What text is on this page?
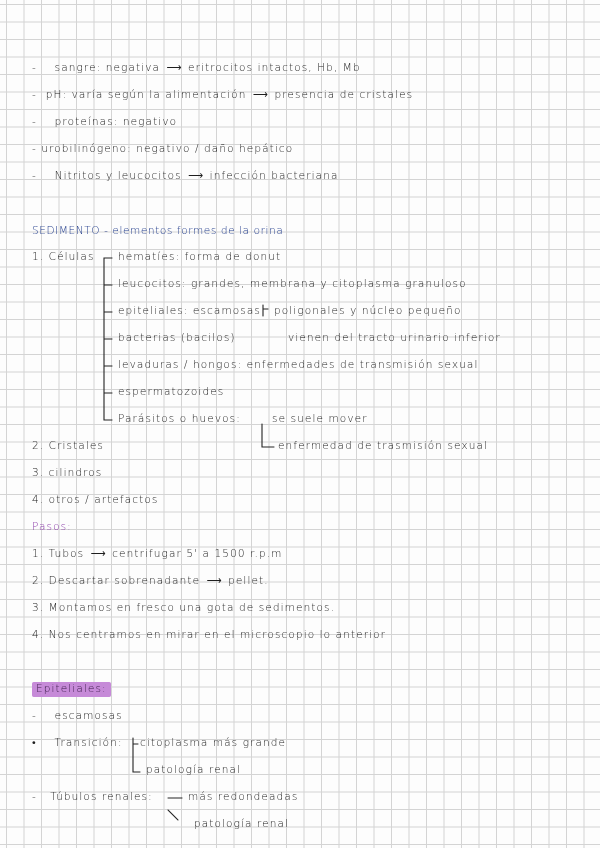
-    sangre: negativa ⟶ eritrocitos intactos, Hb, Mb
-  pH: varía según la alimentación ⟶ presencia de cristales
-    proteínas: negativo
- urobilinógeno: negativo / daño hepático
-    Nitritos y leucocitos ⟶ infección bacteriana
SEDIMENTO - elementos formes de la orina
1. Células
2. Cristales
3. cilindros
4. otros / artefactos
hematíes: forma de donut
leucocitos: grandes, membrana y citoplasma granuloso
epiteliales: escamosas: poligonales y núcleo pequeño
bacterias (bacilos)	vienen del tracto urinario inferior
levaduras / hongos: enfermedades de transmisión sexual
espermatozoides
Parásitos o huevos:	se suele mover
enfermedad de trasmisión sexual
Pasos:
1. Tubos ⟶ centrifugar 5' a 1500 r.p.m
2. Descartar sobrenadante ⟶ pellet.
3. Montamos en fresco una gota de sedimentos.
4. Nos centramos en mirar en el microscopio lo anterior
Epiteliales:
-    escamosas
•    Transición: citoplasma más grande
patología renal
-   Túbulos renales:	más redondeadas
patología renal
